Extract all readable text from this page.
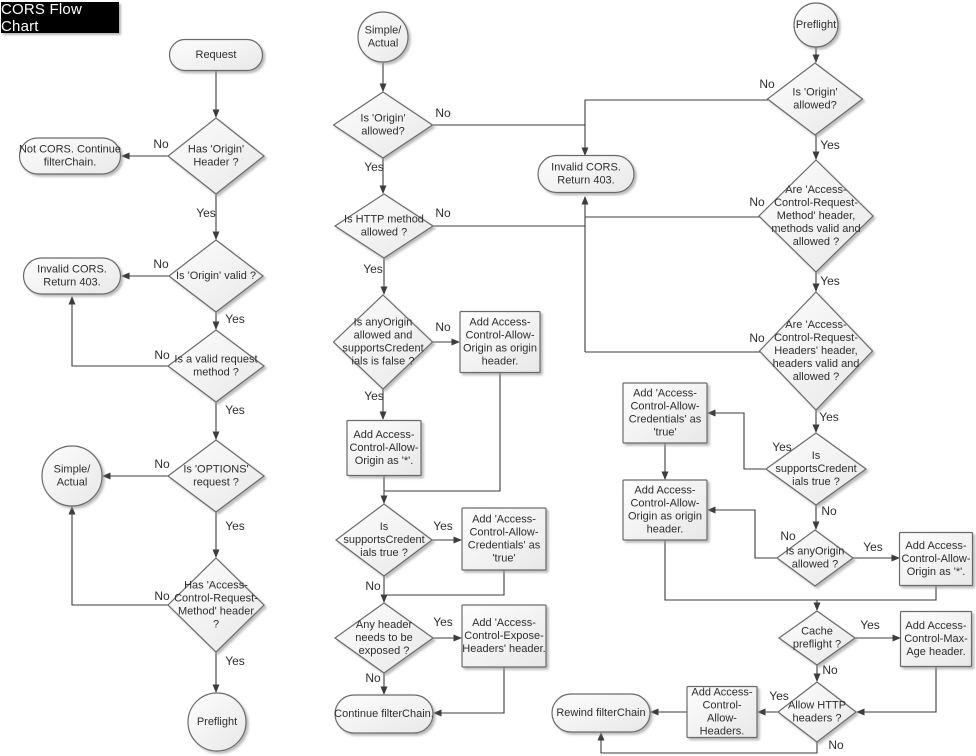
Request
Has 'Origin'
Header ?
Not CORS. Continue
filterChain.
Is 'Origin' valid ?
Invalid CORS.
Return 403.
Is a valid request
method ?
Is 'OPTIONS'
request ?
Simple/
Actual
Has 'Access-
Control-Request-
Method' header
?
Preflight
Simple/
Actual
Is 'Origin'
allowed?
Is HTTP method
allowed ?
Is anyOrigin
allowed and
supportsCredent
ials is false ?
Add Access-
Control-Allow-
Origin as origin
header.
Add Access-
Control-Allow-
Origin as '*'.
Is
supportsCredent
ials true ?
Add 'Access-
Control-Allow-
Credentials' as
'true'
Any header
needs to be
exposed ?
Add 'Access-
Control-Expose-
Headers' header.
Continue filterChain.
Preflight
Is 'Origin'
allowed?
Are 'Access-
Control-Request-
Method' header,
methods valid and
allowed ?
Are 'Access-
Control-Request-
Headers' header,
headers valid and
allowed ?
Is
supportsCredent
ials true ?
Add 'Access-
Control-Allow-
Credentials' as
'true'
Add Access-
Control-Allow-
Origin as origin
header.
Is anyOrigin
allowed ?
Add Access-
Control-Allow-
Origin as '*'.
Cache
preflight ?
Add Access-
Control-Max-
Age header.
Allow HTTP
headers ?
Add Access-
Control-
Allow-
Headers.
Rewind filterChain
Invalid CORS.
Return 403.
No
Yes
No
Yes
No
Yes
No
Yes
No
Yes
No
No
Yes
No
No
No
Yes
No
Yes
Yes
No
Yes
No
Yes
Yes
Yes
Yes
No
No
Yes
Yes
No
Yes
No
CORS Flow Chart
